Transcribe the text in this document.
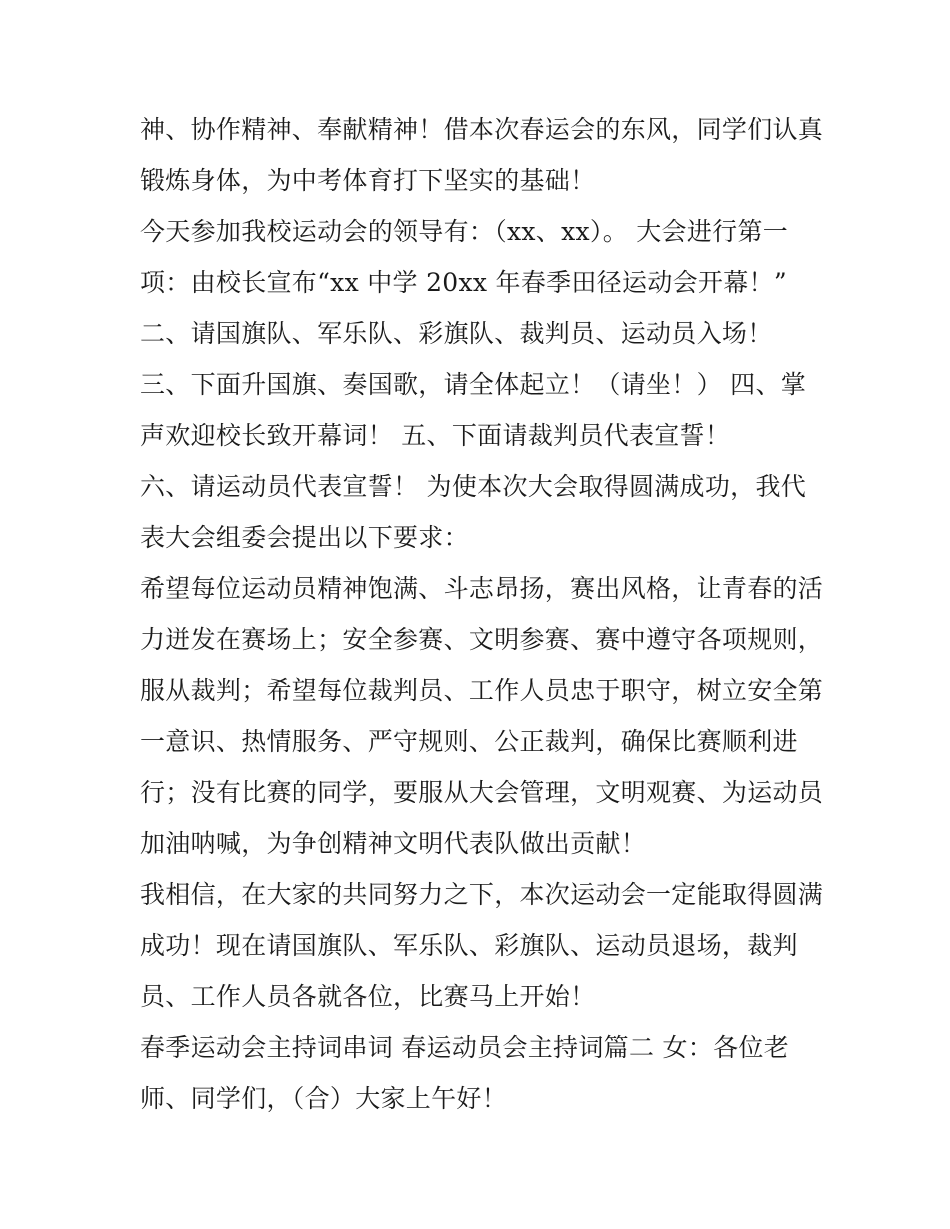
神、协作精神、奉献精神！借本次春运会的东风，同学们认真
锻炼身体，为中考体育打下坚实的基础！
今天参加我校运动会的领导有：（xx、xx）。 大会进行第一
项：由校长宣布“xx 中学 20xx 年春季田径运动会开幕！”
二、请国旗队、军乐队、彩旗队、裁判员、运动员入场！
三、下面升国旗、奏国歌，请全体起立！（请坐！） 四、掌
声欢迎校长致开幕词！ 五、下面请裁判员代表宣誓！
六、请运动员代表宣誓！ 为使本次大会取得圆满成功，我代
表大会组委会提出以下要求：
希望每位运动员精神饱满、斗志昂扬，赛出风格，让青春的活
力迸发在赛场上；安全参赛、文明参赛、赛中遵守各项规则，
服从裁判；希望每位裁判员、工作人员忠于职守，树立安全第
一意识、热情服务、严守规则、公正裁判，确保比赛顺利进
行；没有比赛的同学，要服从大会管理，文明观赛、为运动员
加油呐喊，为争创精神文明代表队做出贡献！
我相信，在大家的共同努力之下，本次运动会一定能取得圆满
成功！现在请国旗队、军乐队、彩旗队、运动员退场，裁判
员、工作人员各就各位，比赛马上开始！
春季运动会主持词串词 春运动员会主持词篇二 女：各位老
师、同学们，（合）大家上午好！
